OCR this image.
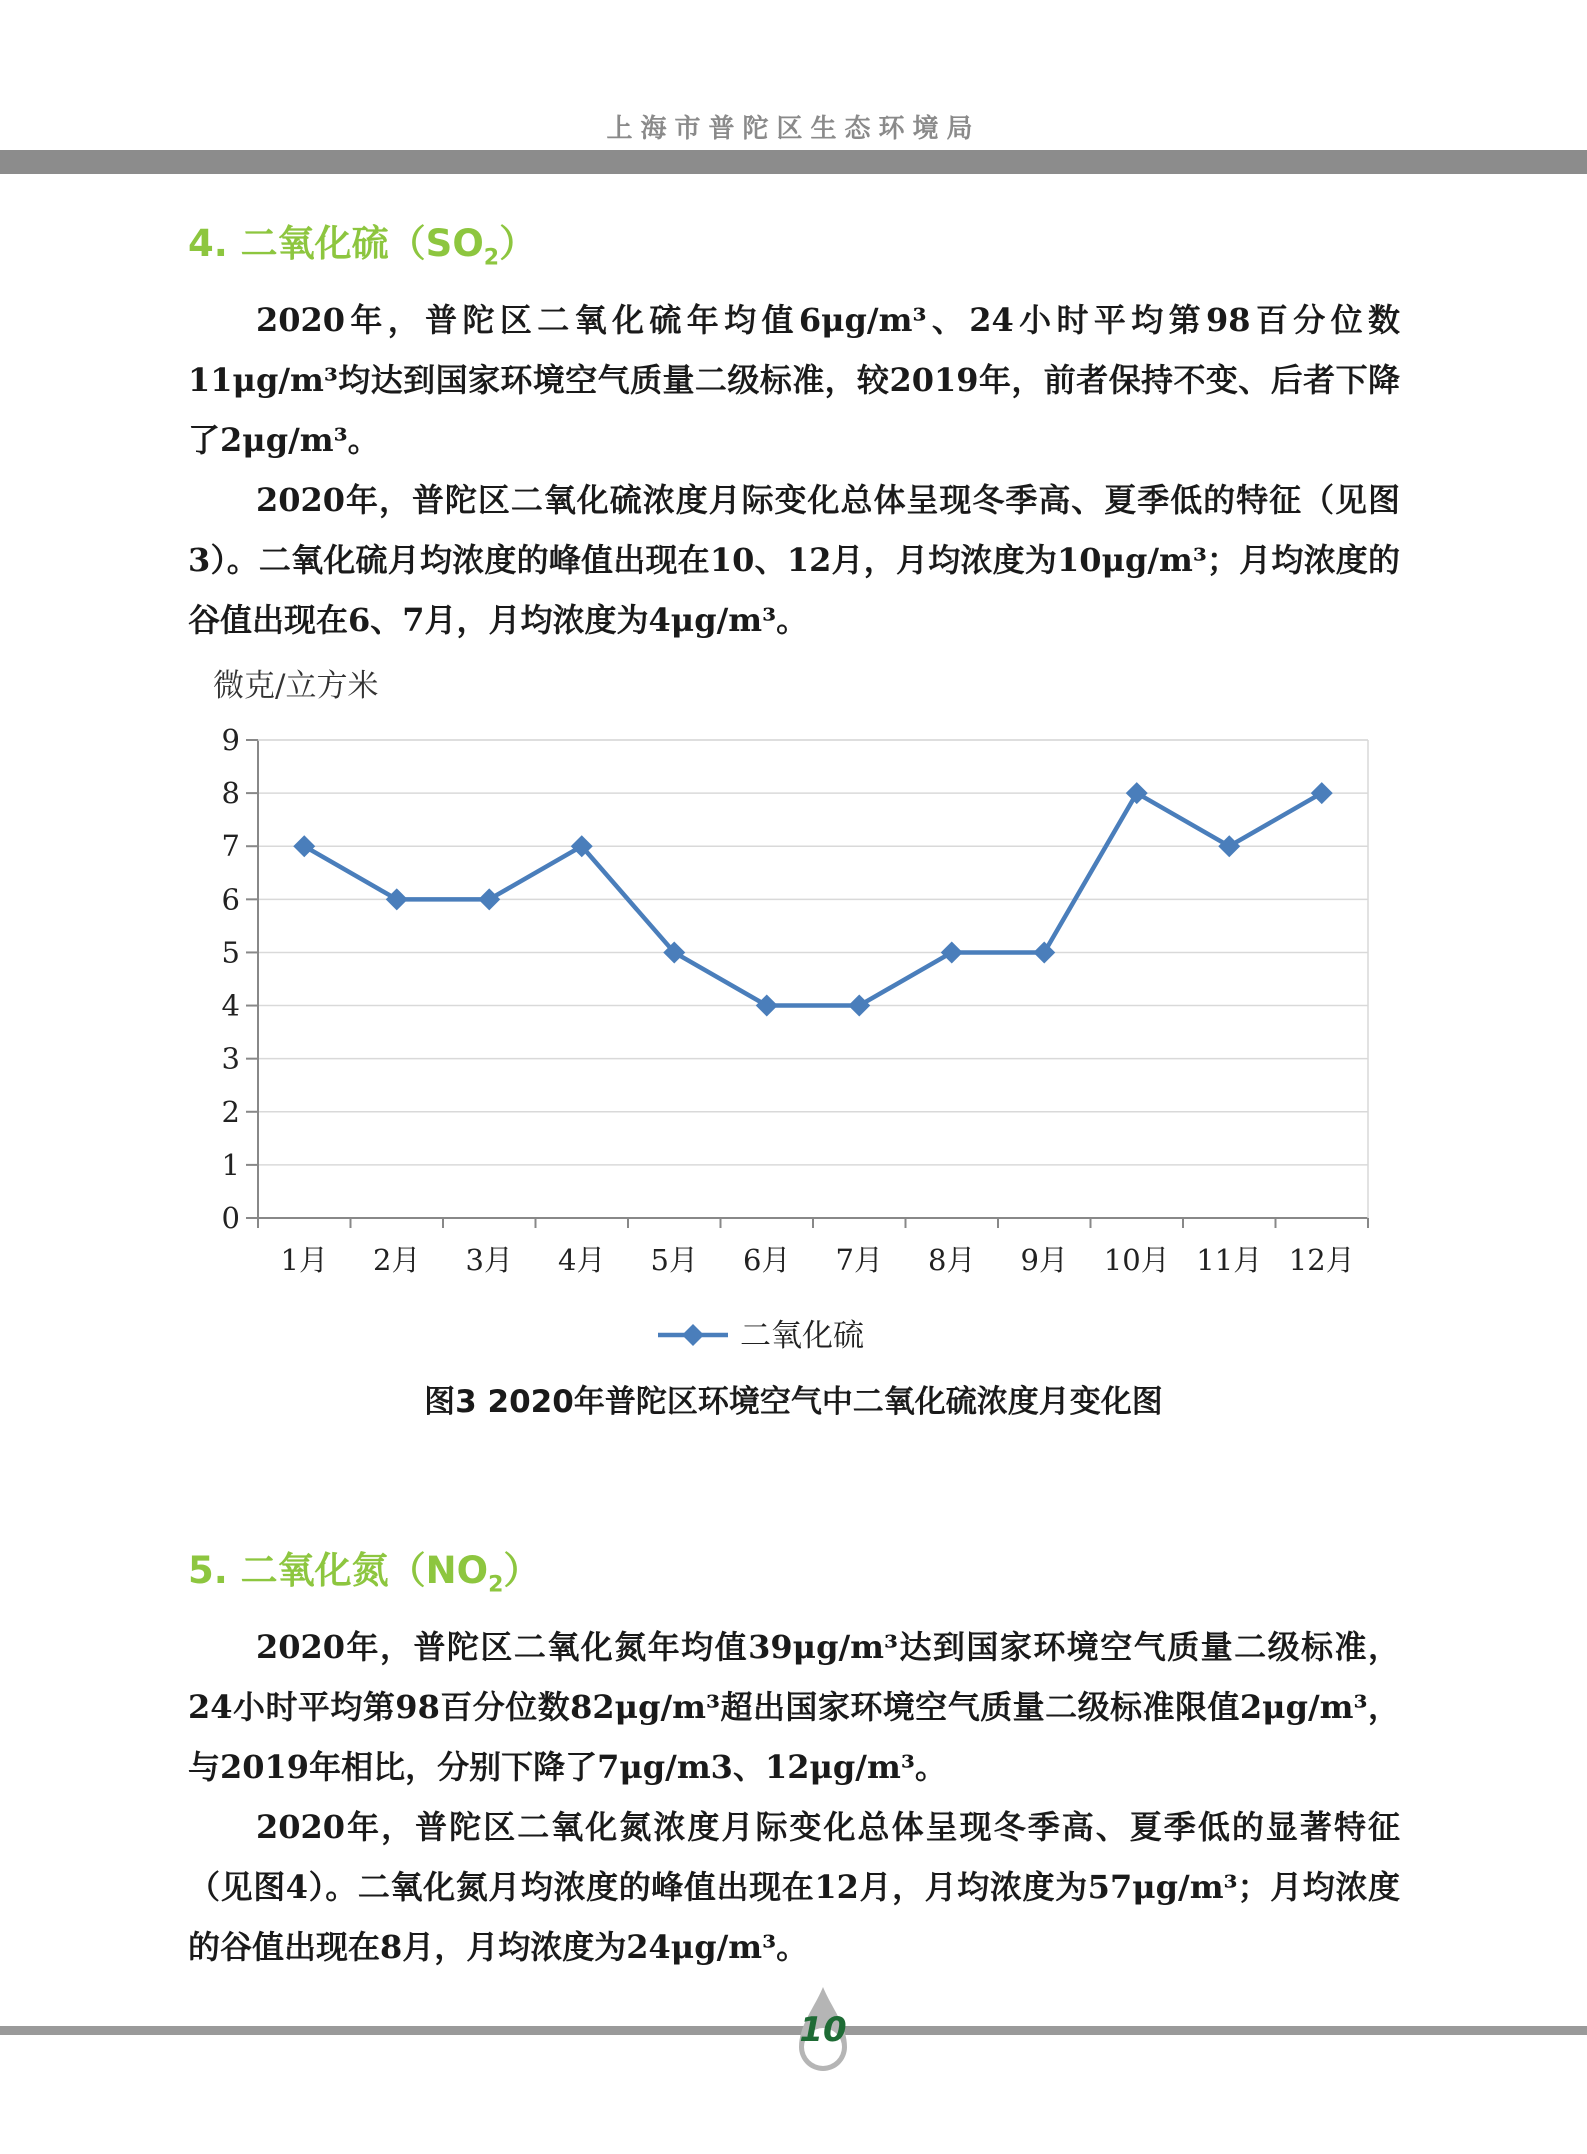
上海市普陀区生态环境局
4. 二氧化硫$(SO_2)$

2020年，普陀区二氧化硫年均值6μg/m³、24小时平均第98百分位数11μg/m³均达到国家环境空气质量二级标准，较2019年，前者保持不变、后者下降了2μg/m³。

2020年，普陀区二氧化硫浓度月际变化总体呈现冬季高、夏季低的特征（见图3）。二氧化硫月均浓度的峰值出现在10、12月，月均浓度为10μg/m³；月均浓度的谷值出现在6、7月，月均浓度为4μg/m³。

微克/立方米
0
1
2
3
4
5
6
7
8
9
1月 2月 3月 4月 5月 6月 7月 8月 9月 10月 11月 12月
二氧化硫
图3 2020年普陀区环境空气中二氧化硫浓度月变化图
5. 二氧化氮$(NO_2)$

2020年，普陀区二氧化氮年均值39μg/m³达到国家环境空气质量二级标准，24小时平均第98百分位数82μg/m³超出国家环境空气质量二级标准限值2μg/m³，与2019年相比，分别下降了7μg/m3、12μg/m³。

2020年，普陀区二氧化氮浓度月际变化总体呈现冬季高、夏季低的显著特征（见图4）。二氧化氮月均浓度的峰值出现在12月，月均浓度为57μg/m³；月均浓度的谷值出现在8月，月均浓度为24μg/m³。

10
